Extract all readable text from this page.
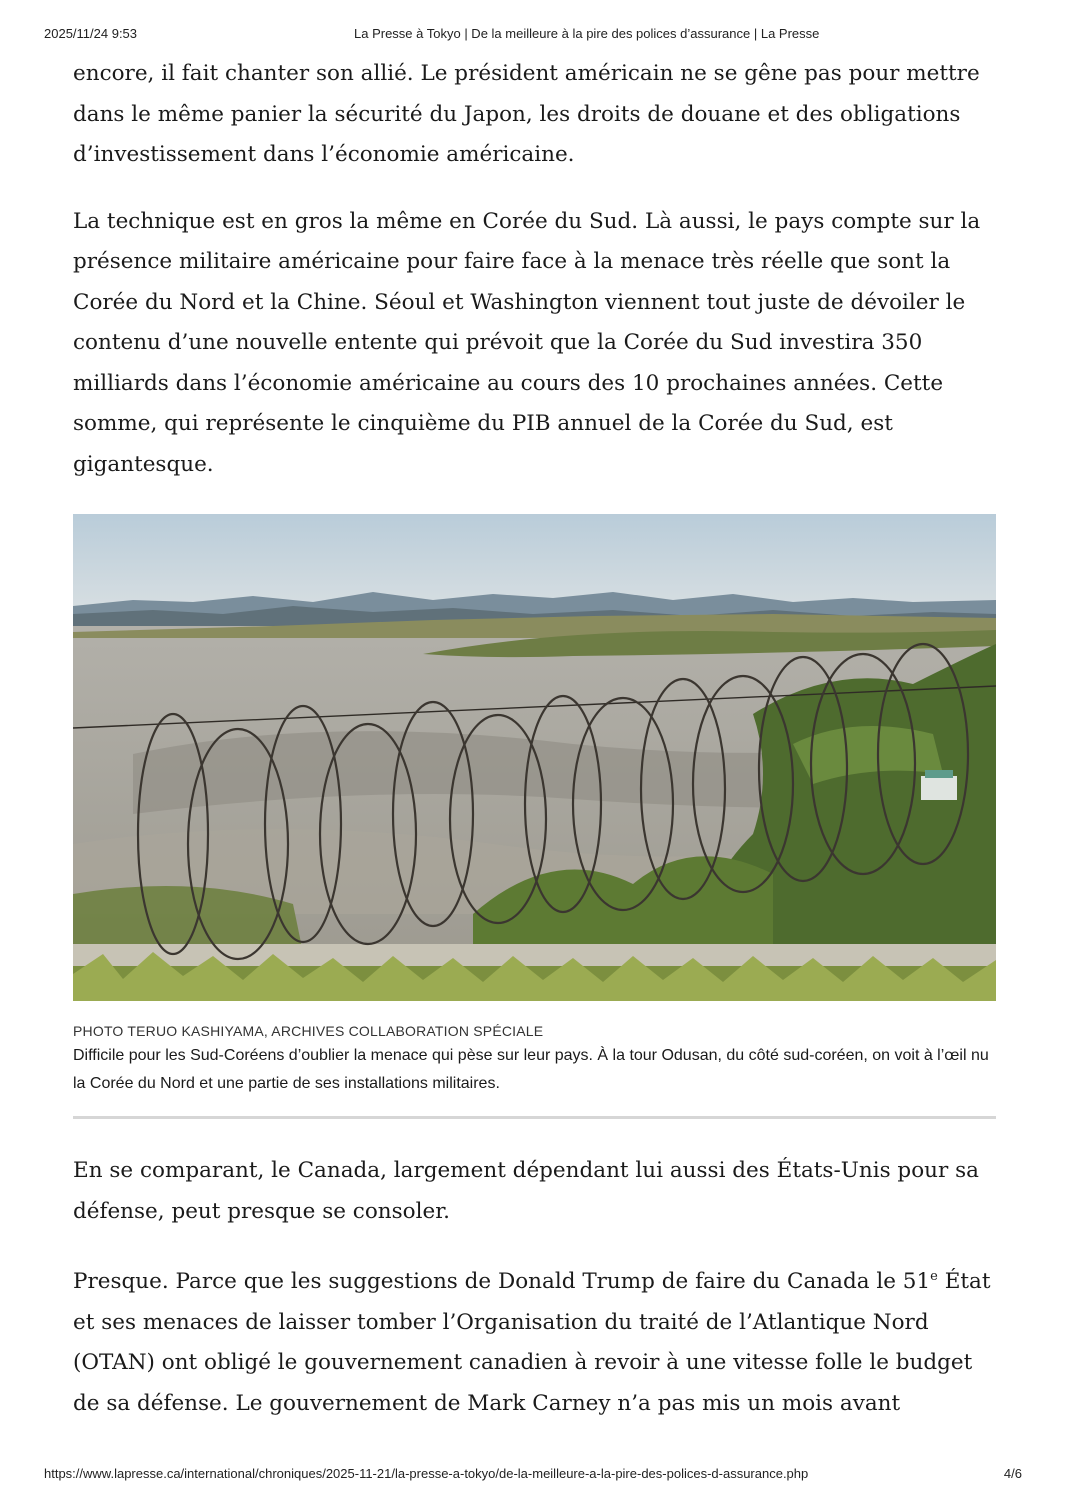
2025/11/24 9:53	La Presse à Tokyo | De la meilleure à la pire des polices d’assurance | La Presse

encore, il fait chanter son allié. Le président américain ne se gêne pas pour mettre dans le même panier la sécurité du Japon, les droits de douane et des obligations d’investissement dans l’économie américaine.

La technique est en gros la même en Corée du Sud. Là aussi, le pays compte sur la présence militaire américaine pour faire face à la menace très réelle que sont la Corée du Nord et la Chine. Séoul et Washington viennent tout juste de dévoiler le contenu d’une nouvelle entente qui prévoit que la Corée du Sud investira 350 milliards dans l’économie américaine au cours des 10 prochaines années. Cette somme, qui représente le cinquième du PIB annuel de la Corée du Sud, est gigantesque.

PHOTO TERUO KASHIYAMA, ARCHIVES COLLABORATION SPÉCIALE
Difficile pour les Sud-Coréens d’oublier la menace qui pèse sur leur pays. À la tour Odusan, du côté sud-coréen, on voit à l’œil nu la Corée du Nord et une partie de ses installations militaires.

En se comparant, le Canada, largement dépendant lui aussi des États-Unis pour sa défense, peut presque se consoler.

Presque. Parce que les suggestions de Donald Trump de faire du Canada le 51e État et ses menaces de laisser tomber l’Organisation du traité de l’Atlantique Nord (OTAN) ont obligé le gouvernement canadien à revoir à une vitesse folle le budget de sa défense. Le gouvernement de Mark Carney n’a pas mis un mois avant

https://www.lapresse.ca/international/chroniques/2025-11-21/la-presse-a-tokyo/de-la-meilleure-a-la-pire-des-polices-d-assurance.php	4/6
